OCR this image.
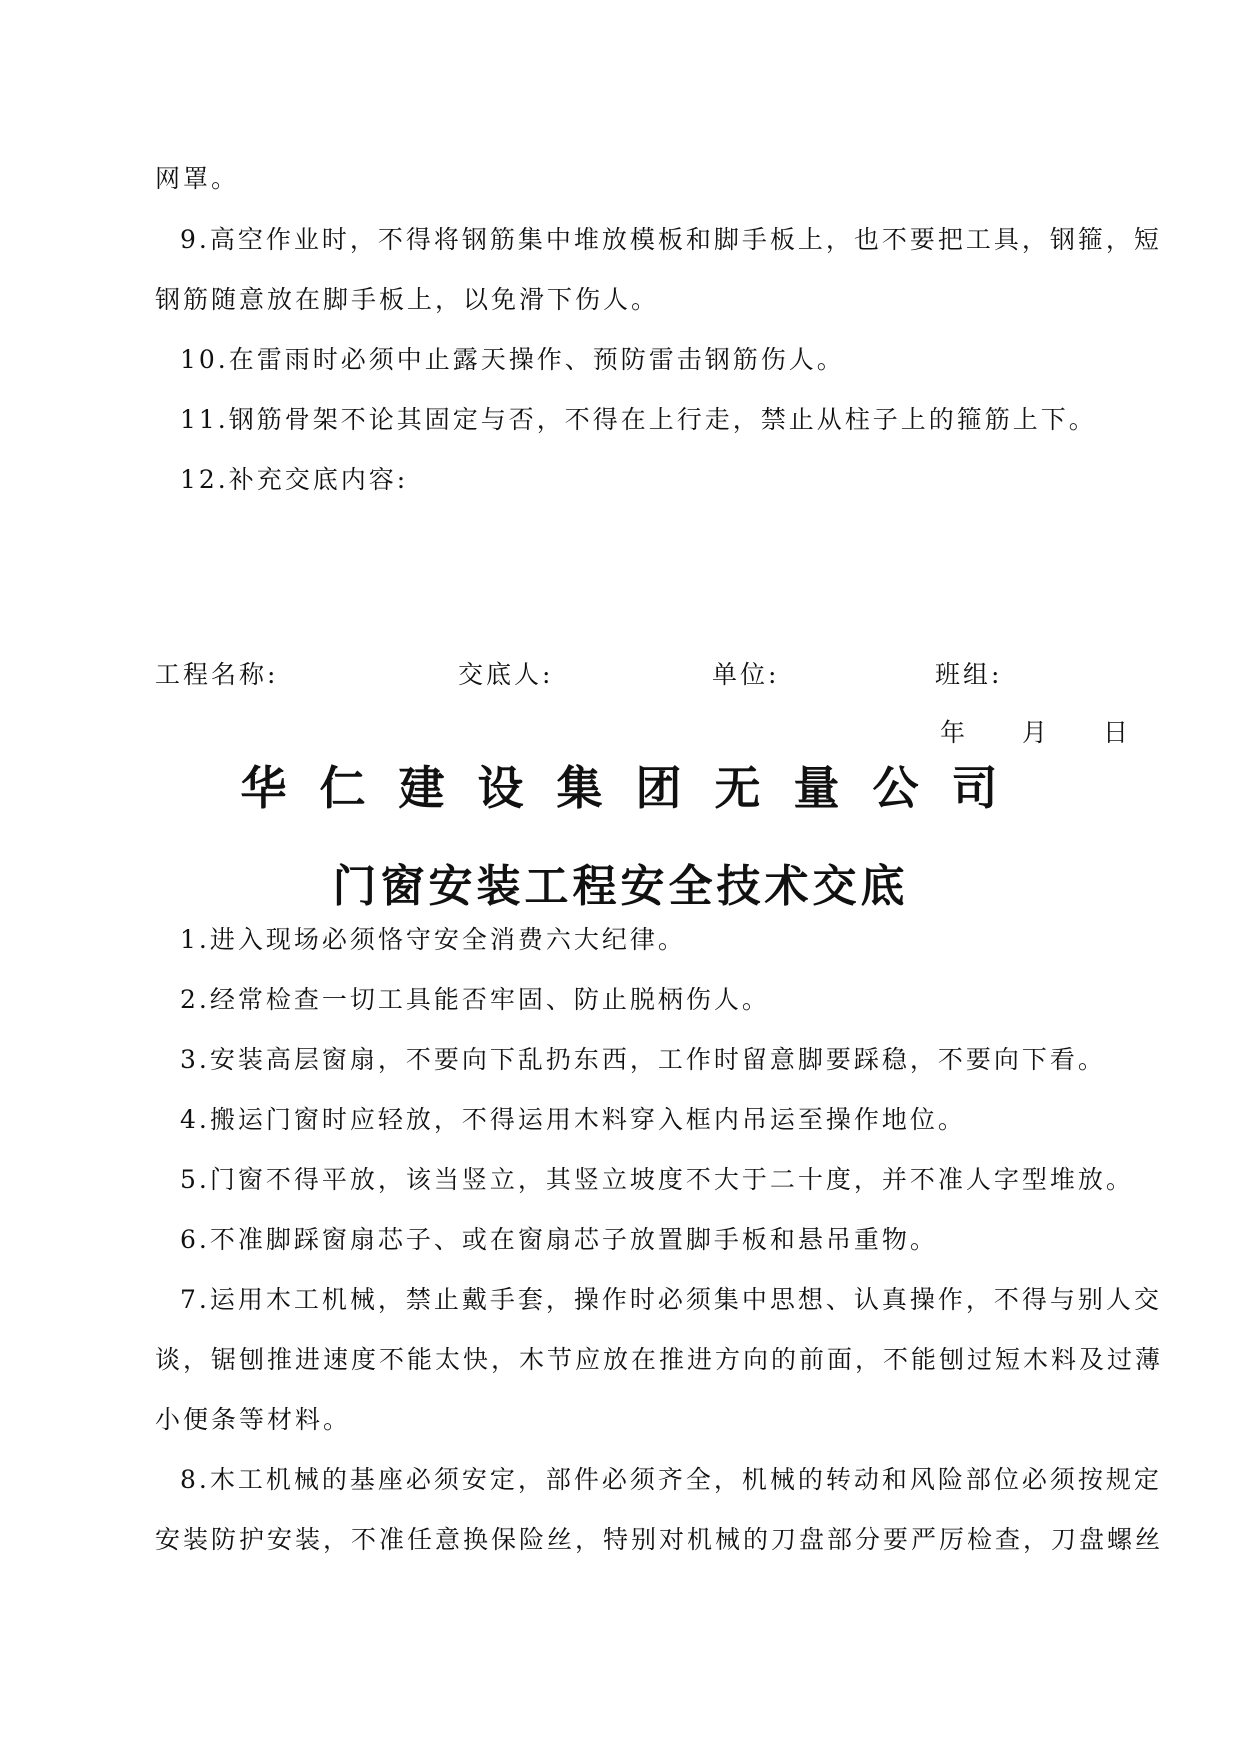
网罩。
9.高空作业时，不得将钢筋集中堆放模板和脚手板上，也不要把工具，钢箍，短
钢筋随意放在脚手板上，以免滑下伤人。
10.在雷雨时必须中止露天操作、预防雷击钢筋伤人。
11.钢筋骨架不论其固定与否，不得在上行走，禁止从柱子上的箍筋上下。
12.补充交底内容:
工程名称:	交底人:	单位:	班组:
年 月 日
华仁建设集团无量公司
门窗安装工程安全技术交底
1.进入现场必须恪守安全消费六大纪律。
2.经常检查一切工具能否牢固、防止脱柄伤人。
3.安装高层窗扇，不要向下乱扔东西，工作时留意脚要踩稳，不要向下看。
4.搬运门窗时应轻放，不得运用木料穿入框内吊运至操作地位。
5.门窗不得平放，该当竖立，其竖立坡度不大于二十度，并不准人字型堆放。
6.不准脚踩窗扇芯子、或在窗扇芯子放置脚手板和悬吊重物。
7.运用木工机械，禁止戴手套，操作时必须集中思想、认真操作，不得与别人交
谈，锯刨推进速度不能太快，木节应放在推进方向的前面，不能刨过短木料及过薄
小便条等材料。
8.木工机械的基座必须安定，部件必须齐全，机械的转动和风险部位必须按规定
安装防护安装，不准任意换保险丝，特别对机械的刀盘部分要严厉检查，刀盘螺丝
